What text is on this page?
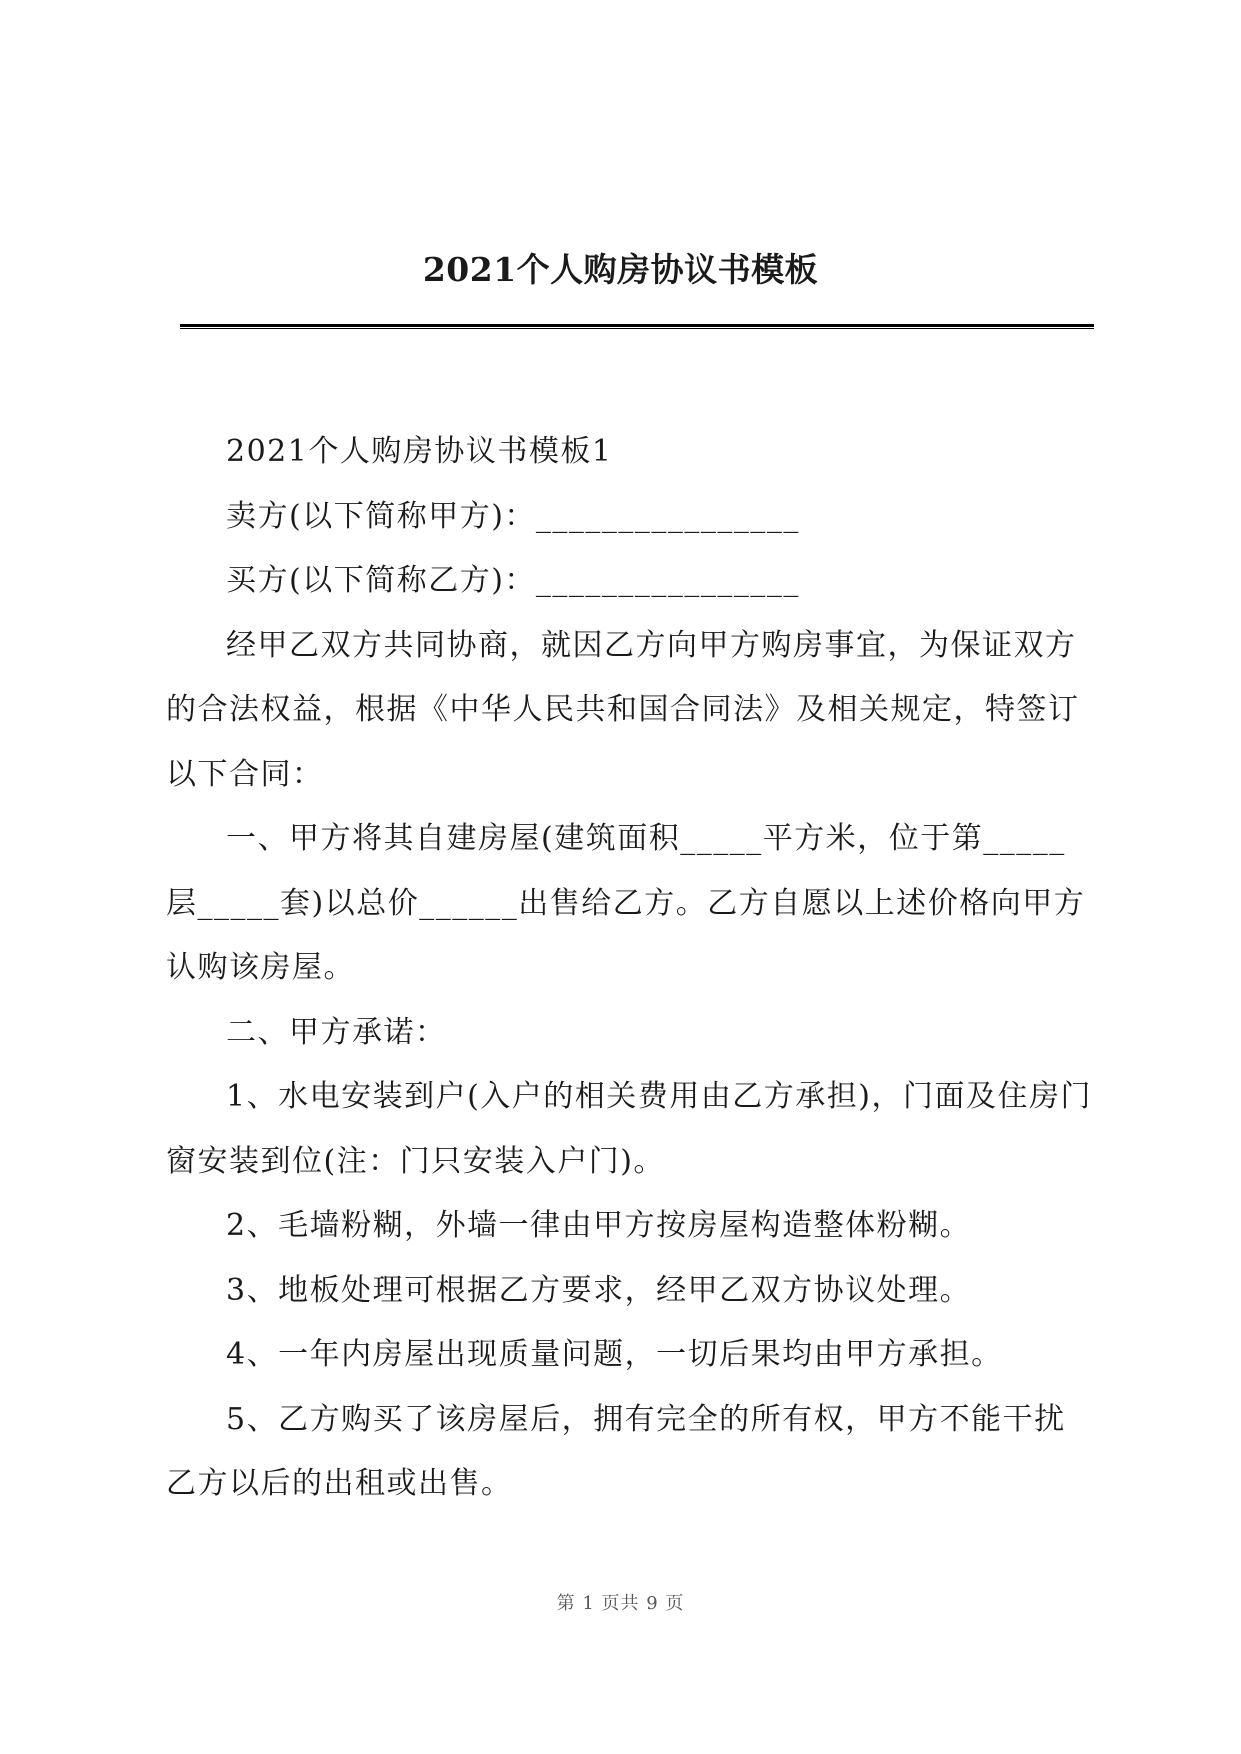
2021个人购房协议书模板

2021个人购房协议书模板1

卖方(以下简称甲方)：________________

买方(以下简称乙方)：________________

经甲乙双方共同协商，就因乙方向甲方购房事宜，为保证双方的合法权益，根据《中华人民共和国合同法》及相关规定，特签订以下合同：

一、甲方将其自建房屋(建筑面积_____平方米，位于第_____层_____套)以总价______出售给乙方。乙方自愿以上述价格向甲方认购该房屋。

二、甲方承诺：

1、水电安装到户(入户的相关费用由乙方承担)，门面及住房门窗安装到位(注：门只安装入户门)。

2、毛墙粉糊，外墙一律由甲方按房屋构造整体粉糊。

3、地板处理可根据乙方要求，经甲乙双方协议处理。

4、一年内房屋出现质量问题，一切后果均由甲方承担。

5、乙方购买了该房屋后，拥有完全的所有权，甲方不能干扰乙方以后的出租或出售。

第 1 页共 9 页
